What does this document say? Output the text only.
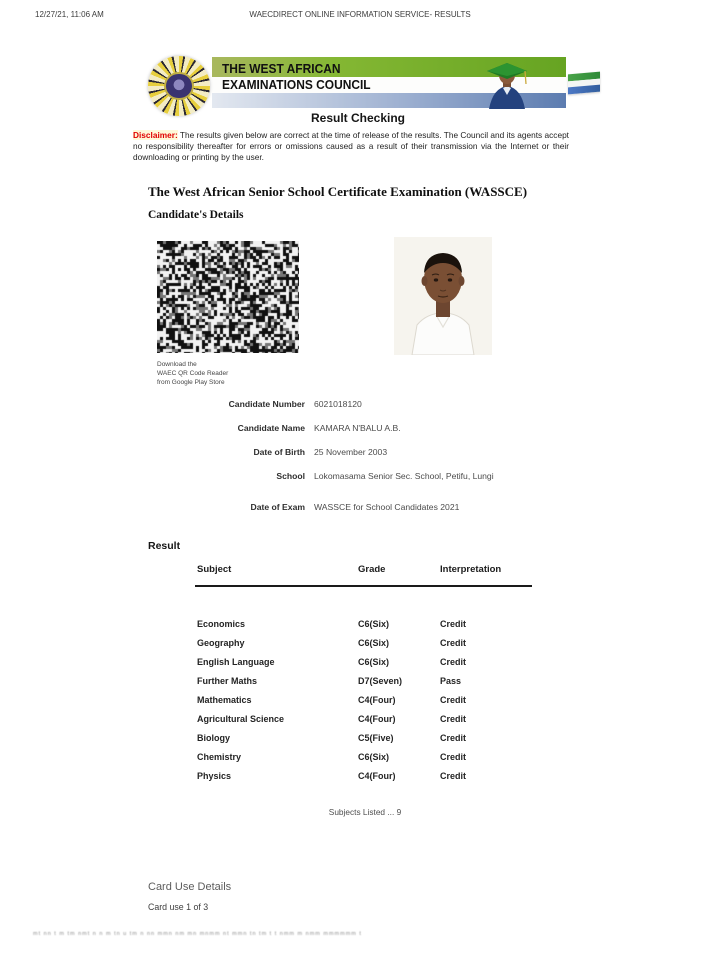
12/27/21, 11:06 AM	WAECDIRECT ONLINE INFORMATION SERVICE- RESULTS
THE WEST AFRICAN
EXAMINATIONS COUNCIL
Result Checking
Disclaimer: The results given below are correct at the time of release of the results. The Council and its agents accept no responsibility thereafter for errors or omissions caused as a result of their transmission via the Internet or their downloading or printing by the user.
The West African Senior School Certificate Examination (WASSCE)
Candidate's Details
Download the
WAEC QR Code Reader
from Google Play Store
Candidate Number 6021018120
Candidate Name KAMARA N'BALU A.B.
Date of Birth 25 November 2003
School Lokomasama Senior Sec. School, Petifu, Lungi
Date of Exam WASSCE for School Candidates 2021
Result
Subject	Grade	Interpretation
Economics	C6(Six)	Credit
Geography	C6(Six)	Credit
English Language	C6(Six)	Credit
Further Maths	D7(Seven)	Pass
Mathematics	C4(Four)	Credit
Agricultural Science	C4(Four)	Credit
Biology	C5(Five)	Credit
Chemistry	C6(Six)	Credit
Physics	C4(Four)	Credit
Subjects Listed ... 9
Card Use Details
Card use 1 of 3
mt nn t m tm nmt n n m tn u tm n nn mmn nm mn mnmm nt mmn tn tm t t nmm m nmm mmmmmm t
